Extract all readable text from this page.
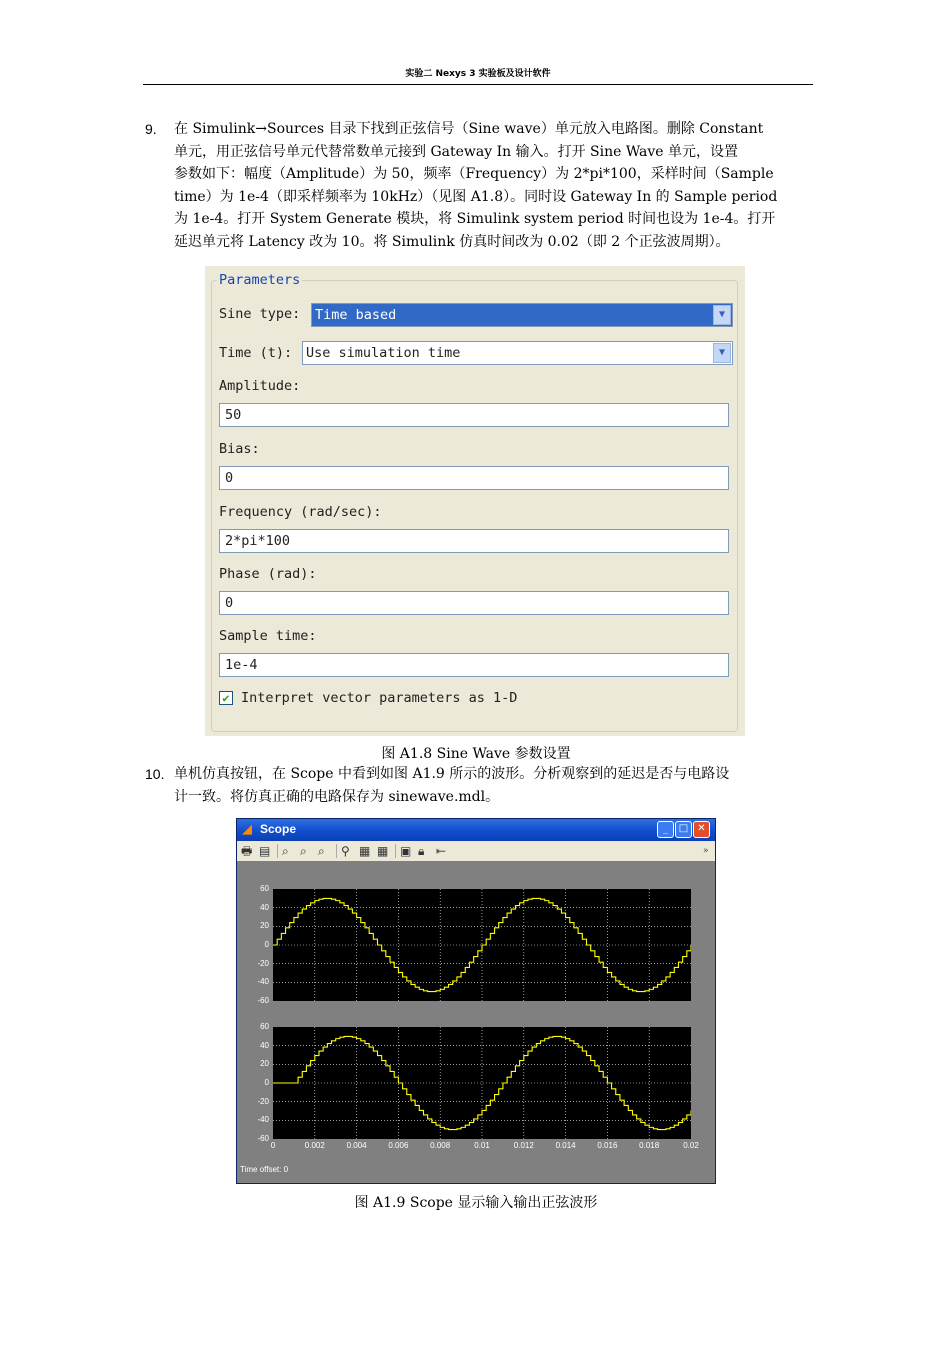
实验二 Nexys 3 实验板及设计软件
9. 在 Simulink→Sources 目录下找到正弦信号（Sine wave）单元放入电路图。删除 Constant
单元，用正弦信号单元代替常数单元接到 Gateway In 输入。打开 Sine Wave 单元，设置
参数如下：幅度（Amplitude）为 50，频率（Frequency）为 2*pi*100，采样时间（Sample
time）为 1e-4（即采样频率为 10kHz）（见图 A1.8）。同时设 Gateway In 的 Sample period
为 1e-4。打开 System Generate 模块，将 Simulink system period 时间也设为 1e-4。打开
延迟单元将 Latency 改为 10。将 Simulink 仿真时间改为 0.02（即 2 个正弦波周期）。
Parameters
Sine type: Time based	▼
Time (t): Use simulation time	▼
Amplitude:
50
Bias:
0
Frequency (rad/sec):
2*pi*100
Phase (rad):
0
Sample time:
1e-4
✔ Interpret vector parameters as 1-D
图 A1.8 Sine Wave 参数设置
10. 单机仿真按钮，在 Scope 中看到如图 A1.9 所示的波形。分析观察到的延迟是否与电路设
计一致。将仿真正确的电路保存为 sinewave.mdl。
◢ Scope	_	□ ✕
🖶 ▤ ⌕ ⌕ ⌕ ⚲ ▦ ▦ ▣ 🔒︎ ⇤	»
60
40
20
0
-20
-40
-60
60
40
20
0
-20
-40
-60
0	0.002	0.004	0.006	0.008	0.01	0.012	0.014	0.016	0.018	0.02
Time offset: 0
图 A1.9 Scope 显示输入输出正弦波形
